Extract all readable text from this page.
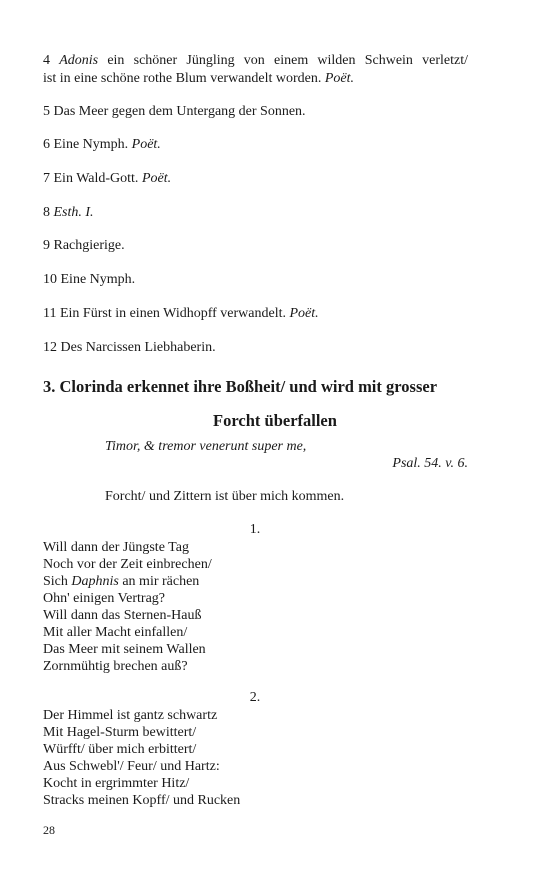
4 Adonis ein schöner Jüngling von einem wilden Schwein verletzt/
ist in eine schöne rothe Blum verwandelt worden. Poët.

5 Das Meer gegen dem Untergang der Sonnen.

6 Eine Nymph. Poët.

7 Ein Wald-Gott. Poët.

8 Esth. I.

9 Rachgierige.

10 Eine Nymph.

11 Ein Fürst in einen Widhopff verwandelt. Poët.

12 Des Narcissen Liebhaberin.

3. Clorinda erkennet ihre Boßheit/ und wird mit grosser
Forcht überfallen

Timor, & tremor venerunt super me,

Psal. 54. v. 6.

Forcht/ und Zittern ist über mich kommen.

1.

Will dann der Jüngste Tag
Noch vor der Zeit einbrechen/
Sich Daphnis an mir rächen
Ohn' einigen Vertrag?
Will dann das Sternen-Hauß
Mit aller Macht einfallen/
Das Meer mit seinem Wallen
Zornmühtig brechen auß?

2.

Der Himmel ist gantz schwartz
Mit Hagel-Sturm bewittert/
Würfft/ über mich erbittert/
Aus Schwebl'/ Feur/ und Hartz:
Kocht in ergrimmter Hitz/
Stracks meinen Kopff/ und Rucken
28
